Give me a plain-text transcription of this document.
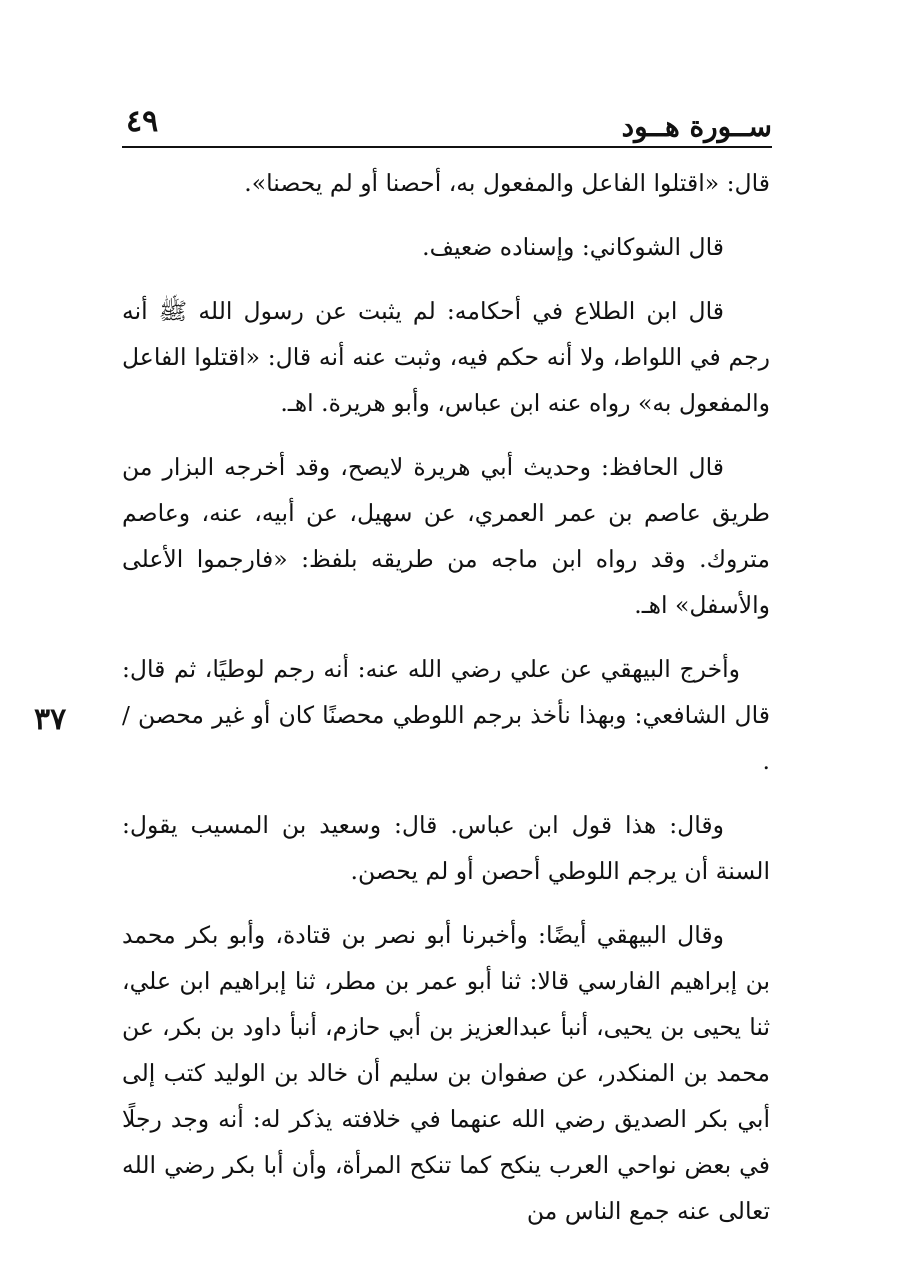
ســورة هــود
٤٩
٣٧

قال: «اقتلوا الفاعل والمفعول به، أحصنا أو لم يحصنا».

قال الشوكاني: وإسناده ضعيف.

قال ابن الطلاع في أحكامه: لم يثبت عن رسول الله ﷺ أنه رجم في اللواط، ولا أنه حكم فيه، وثبت عنه أنه قال: «اقتلوا الفاعل والمفعول به» رواه عنه ابن عباس، وأبو هريرة. اهـ.

قال الحافظ: وحديث أبي هريرة لايصح، وقد أخرجه البزار من طريق عاصم بن عمر العمري، عن سهيل، عن أبيه، عنه، وعاصم متروك. وقد رواه ابن ماجه من طريقه بلفظ: «فارجموا الأعلى والأسفل» اهـ.

وأخرج البيهقي عن علي رضي الله عنه: أنه رجم لوطيًا، ثم قال: قال الشافعي: وبهذا نأخذ برجم اللوطي محصنًا كان أو غير محصن / .

وقال: هذا قول ابن عباس. قال: وسعيد بن المسيب يقول: السنة أن يرجم اللوطي أحصن أو لم يحصن.

وقال البيهقي أيضًا: وأخبرنا أبو نصر بن قتادة، وأبو بكر محمد بن إبراهيم الفارسي قالا: ثنا أبو عمر بن مطر، ثنا إبراهيم ابن علي، ثنا يحيى بن يحيى، أنبأ عبدالعزيز بن أبي حازم، أنبأ داود بن بكر، عن محمد بن المنكدر، عن صفوان بن سليم أن خالد بن الوليد كتب إلى أبي بكر الصديق رضي الله عنهما في خلافته يذكر له: أنه وجد رجلًا في بعض نواحي العرب ينكح كما تنكح المرأة، وأن أبا بكر رضي الله تعالى عنه جمع الناس من
